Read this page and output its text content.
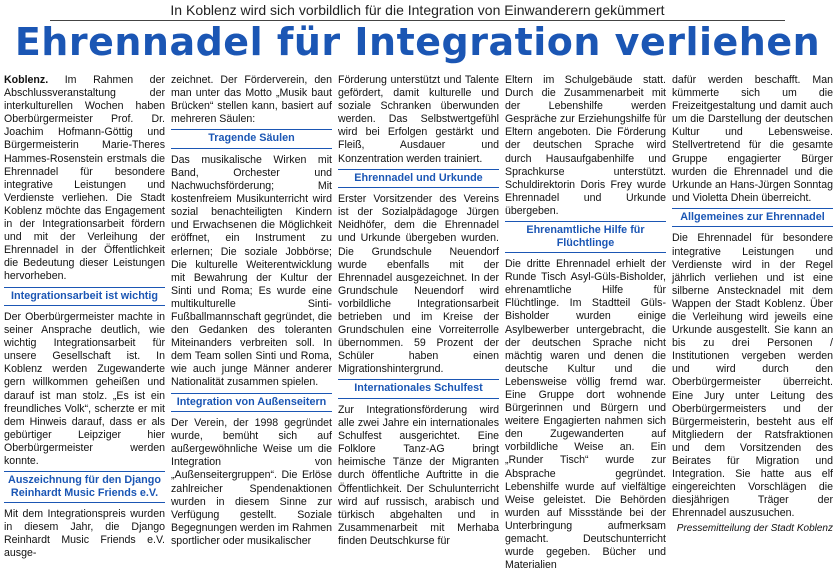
In Koblenz wird sich vorbildlich für die Integration von Einwanderern gekümmert
Ehrennadel für Integration verliehen

Koblenz. Im Rahmen der Abschlussveranstaltung der interkulturellen Wochen haben Oberbürgermeister Prof. Dr. Joachim Hofmann-Göttig und Bürgermeisterin Marie-Theres Hammes-Rosenstein erstmals die Ehrennadel für besondere integrative Leistungen und Verdienste verliehen. Die Stadt Koblenz möchte das Engagement in der Integrationsarbeit fördern und mit der Verleihung der Ehrennadel in der Öffentlichkeit die Bedeutung dieser Leistungen hervorheben.

Integrationsarbeit ist wichtig

Der Oberbürgermeister machte in seiner Ansprache deutlich, wie wichtig Integrationsarbeit für unsere Gesellschaft ist. In Koblenz werden Zugewanderte gern willkommen geheißen und darauf ist man stolz. „Es ist ein freundliches Volk“, scherzte er mit dem Hinweis darauf, dass er als gebürtiger Leipziger hier Oberbürgermeister werden konnte.

Auszeichnung für den Django Reinhardt Music Friends e.V.

Mit dem Integrationspreis wurden in diesem Jahr, die Django Reinhardt Music Friends e.V. ausge-

zeichnet. Der Förderverein, den man unter das Motto „Musik baut Brücken“ stellen kann, basiert auf mehreren Säulen:

Tragende Säulen

Das musikalische Wirken mit Band, Orchester und Nachwuchsförderung; Mit kostenfreiem Musikunterricht wird sozial benachteiligten Kindern und Erwachsenen die Möglichkeit eröffnet, ein Instrument zu erlernen; Die soziale Jobbörse; Die kulturelle Weiterentwicklung mit Bewahrung der Kultur der Sinti und Roma; Es wurde eine multikulturelle Sinti-Fußballmannschaft gegründet, die den Gedanken des toleranten Miteinanders verbreiten soll. In dem Team sollen Sinti und Roma, wie auch junge Männer anderer Nationalität zusammen spielen.

Integration von Außenseitern

Der Verein, der 1998 gegründet wurde, bemüht sich auf außergewöhnliche Weise um die Integration von „Außenseitergruppen“. Die Erlöse zahlreicher Spendenaktionen wurden in diesem Sinne zur Verfügung gestellt. Soziale Begegnungen werden im Rahmen sportlicher oder musikalischer

Förderung unterstützt und Talente gefördert, damit kulturelle und soziale Schranken überwunden werden. Das Selbstwertgefühl wird bei Erfolgen gestärkt und Fleiß, Ausdauer und Konzentration werden trainiert.

Ehrennadel und Urkunde

Erster Vorsitzender des Vereins ist der Sozialpädagoge Jürgen Neidhöfer, dem die Ehrennadel und Urkunde übergeben wurden. Die Grundschule Neuendorf wurde ebenfalls mit der Ehrennadel ausgezeichnet. In der Grundschule Neuendorf wird vorbildliche Integrationsarbeit betrieben und im Kreise der Grundschulen eine Vorreiterrolle übernommen. 59 Prozent der Schüler haben einen Migrationshintergrund.

Internationales Schulfest

Zur Integrationsförderung wird alle zwei Jahre ein internationales Schulfest ausgerichtet. Eine Folklore Tanz-AG bringt heimische Tänze der Migranten durch öffentliche Auftritte in die Öffentlichkeit. Der Schulunterricht wird auf russisch, arabisch und türkisch abgehalten und in Zusammenarbeit mit Merhaba finden Deutschkurse für

Eltern im Schulgebäude statt. Durch die Zusammenarbeit mit der Lebenshilfe werden Gespräche zur Erziehungshilfe für Eltern angeboten. Die Förderung der deutschen Sprache wird durch Hausaufgabenhilfe und Sprachkurse unterstützt. Schuldirektorin Doris Frey wurde Ehrennadel und Urkunde übergeben.

Ehrenamtliche Hilfe für Flüchtlinge

Die dritte Ehrennadel erhielt der Runde Tisch Asyl-Güls-Bisholder, ehrenamtliche Hilfe für Flüchtlinge. Im Stadtteil Güls-Bisholder wurden einige Asylbewerber untergebracht, die der deutschen Sprache nicht mächtig waren und denen die deutsche Kultur und die Lebensweise völlig fremd war. Eine Gruppe dort wohnende Bürgerinnen und Bürgern und weitere Engagierten nahmen sich den Zugewanderten auf vorbildliche Weise an. Ein „Runder Tisch“ wurde zur Absprache gegründet. Lebenshilfe wurde auf vielfältige Weise geleistet. Die Behörden wurden auf Missstände bei der Unterbringung aufmerksam gemacht. Deutschunterricht wurde gegeben. Bücher und Materialien

dafür werden beschafft. Man kümmerte sich um die Freizeitgestaltung und damit auch um die Darstellung der deutschen Kultur und Lebensweise. Stellvertretend für die gesamte Gruppe engagierter Bürger wurden die Ehrennadel und die Urkunde an Hans-Jürgen Sonntag und Violetta Dhein überreicht.

Allgemeines zur Ehrennadel

Die Ehrennadel für besondere integrative Leistungen und Verdienste wird in der Regel jährlich verliehen und ist eine silberne Anstecknadel mit dem Wappen der Stadt Koblenz. Über die Verleihung wird jeweils eine Urkunde ausgestellt. Sie kann an bis zu drei Personen / Institutionen vergeben werden und wird durch den Oberbürgermeister überreicht. Eine Jury unter Leitung des Oberbürgermeisters und der Bürgermeisterin, besteht aus elf Mitgliedern der Ratsfraktionen und dem Vorsitzenden des Beirates für Migration und Integration. Sie hatte aus elf eingereichten Vorschlägen die diesjährigen Träger der Ehrennadel auszusuchen.

Pressemitteilung der Stadt Koblenz
